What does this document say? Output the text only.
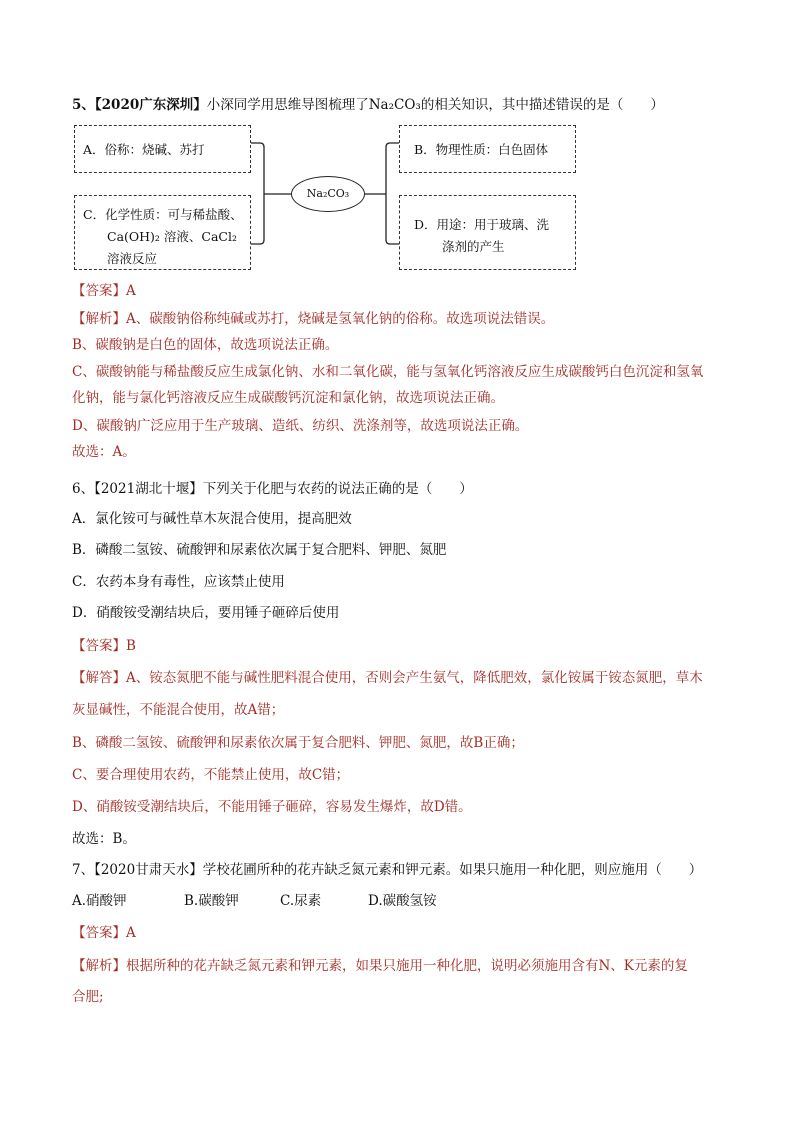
5、【2020广东深圳】小深同学用思维导图梳理了Na₂CO₃的相关知识，其中描述错误的是（　　）
A．俗称：烧碱、苏打
C．化学性质：可与稀盐酸、
Ca(OH)₂ 溶液、CaCl₂
溶液反应
Na₂CO₃
B．物理性质：白色固体
D．用途：用于玻璃、洗
涤剂的产生
【答案】A
【解析】A、碳酸钠俗称纯碱或苏打，烧碱是氢氧化钠的俗称。故选项说法错误。
B、碳酸钠是白色的固体，故选项说法正确。
C、碳酸钠能与稀盐酸反应生成氯化钠、水和二氧化碳，能与氢氧化钙溶液反应生成碳酸钙白色沉淀和氢氧
化钠，能与氯化钙溶液反应生成碳酸钙沉淀和氯化钠，故选项说法正确。
D、碳酸钠广泛应用于生产玻璃、造纸、纺织、洗涤剂等，故选项说法正确。
故选：A。
6、【2021湖北十堰】下列关于化肥与农药的说法正确的是（　　）
A．氯化铵可与碱性草木灰混合使用，提高肥效
B．磷酸二氢铵、硫酸钾和尿素依次属于复合肥料、钾肥、氮肥
C．农药本身有毒性，应该禁止使用
D．硝酸铵受潮结块后，要用锤子砸碎后使用
【答案】B
【解答】A、铵态氮肥不能与碱性肥料混合使用，否则会产生氨气，降低肥效，氯化铵属于铵态氮肥，草木
灰显碱性，不能混合使用，故A错；
B、磷酸二氢铵、硫酸钾和尿素依次属于复合肥料、钾肥、氮肥，故B正确；
C、要合理使用农药，不能禁止使用，故C错；
D、硝酸铵受潮结块后，不能用锤子砸碎，容易发生爆炸，故D错。
故选：B。
7、【2020甘肃天水】学校花圃所种的花卉缺乏氮元素和钾元素。如果只施用一种化肥，则应施用（　　）
A.硝酸钾	B.碳酸钾	C.尿素	D.碳酸氢铵
【答案】A
【解析】根据所种的花卉缺乏氮元素和钾元素，如果只施用一种化肥，说明必须施用含有N、K元素的复
合肥;
